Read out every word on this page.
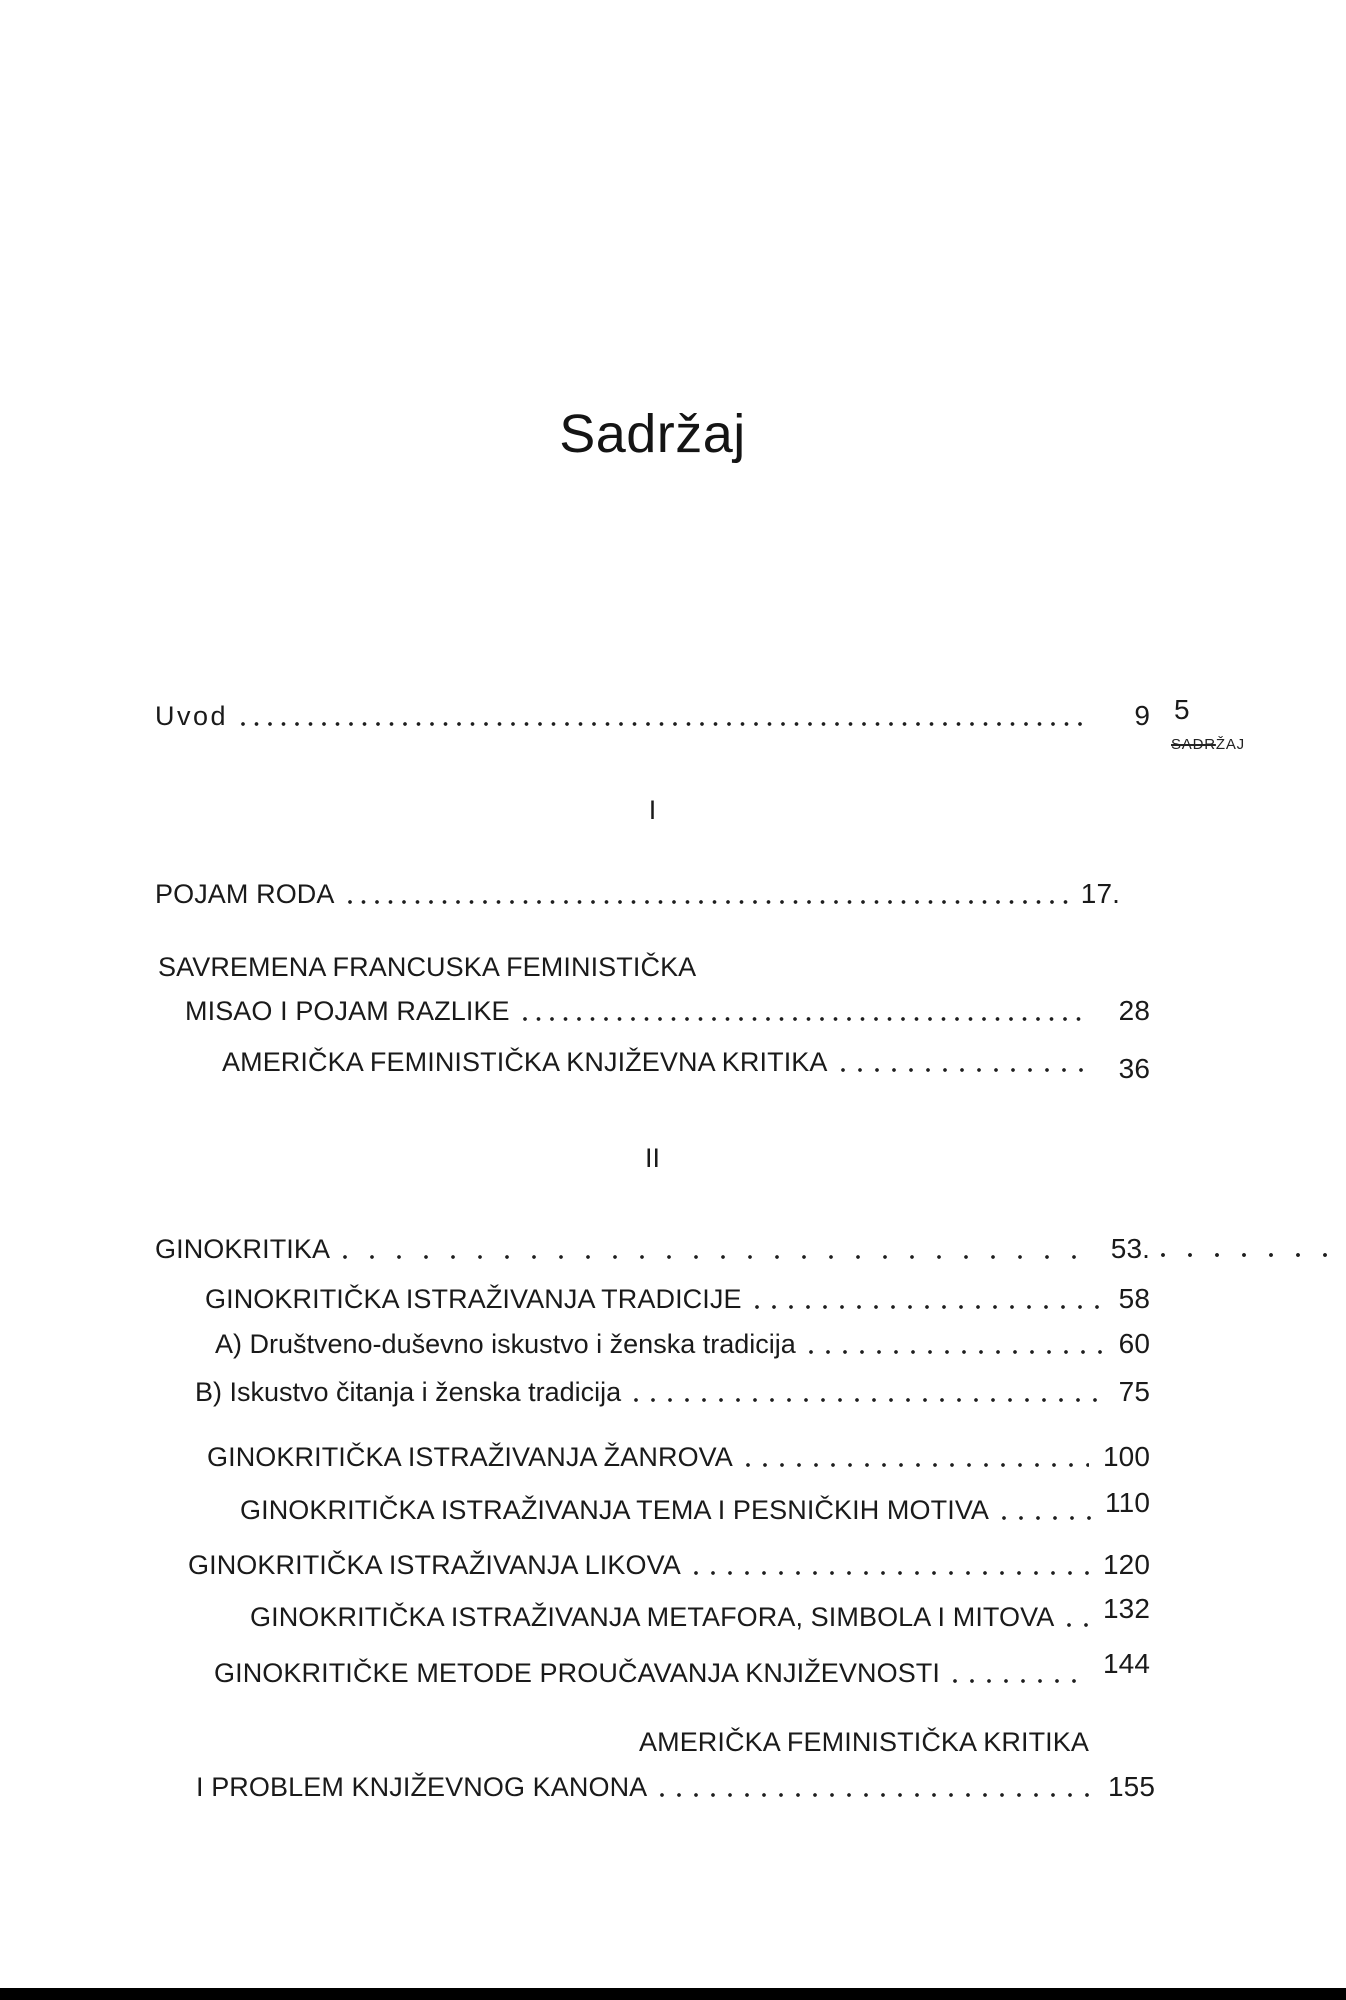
Sadržaj
Uvod	9 5
SADRŽAJ
I
POJAM RODA	17.
SAVREMENA FRANCUSKA FEMINISTIČKA
MISAO I POJAM RAZLIKE	28
AMERIČKA FEMINISTIČKA KNJIŽEVNA KRITIKA	36
II
GINOKRITIKA	53.
GINOKRITIČKA ISTRAŽIVANJA TRADICIJE	58
A) Društveno-duševno iskustvo i ženska tradicija	60
B) Iskustvo čitanja i ženska tradicija	75
GINOKRITIČKA ISTRAŽIVANJA ŽANROVA	100
GINOKRITIČKA ISTRAŽIVANJA TEMA I PESNIČKIH MOTIVA	110
GINOKRITIČKA ISTRAŽIVANJA LIKOVA	120
GINOKRITIČKA ISTRAŽIVANJA METAFORA, SIMBOLA I MITOVA 132
GINOKRITIČKE METODE PROUČAVANJA KNJIŽEVNOSTI	144
AMERIČKA FEMINISTIČKA KRITIKA
I PROBLEM KNJIŽEVNOG KANONA	155
